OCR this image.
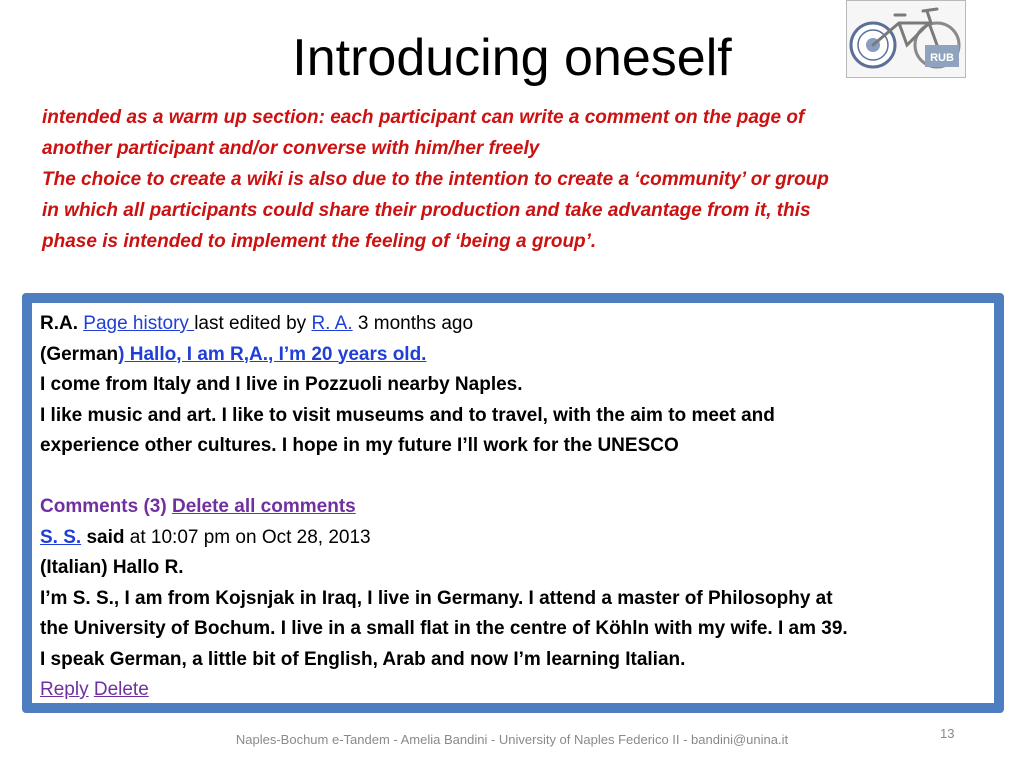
Introducing oneself	RUB

intended as a warm up section: each participant can write a comment on the page of

another participant and/or converse with him/her freely

The choice to create a wiki is also due to the intention to create a ‘community’ or group

in which all participants could share their production and take advantage from it, this

phase is intended to implement the feeling of ‘being a group’.

R.A. Page history last edited by R. A. 3 months ago
(German) Hallo, I am R,A., I’m 20 years old.
I come from Italy and I live in Pozzuoli nearby Naples.
I like music and art. I like to visit museums and to travel, with the aim to meet and
experience other cultures. I hope in my future I’ll work for the UNESCO
Comments (3) Delete all comments
S. S. said at 10:07 pm on Oct 28, 2013
(Italian) Hallo R.
I’m S. S., I am from Kojsnjak in Iraq, I live in Germany. I attend a master of Philosophy at
the University of Bochum. I live in a small flat in the centre of Köhln with my wife. I am 39.
I speak German, a little bit of English, Arab and now I’m learning Italian.
Reply Delete
Naples-Bochum e-Tandem - Amelia Bandini - University of Naples Federico II - bandini@unina.it	13
